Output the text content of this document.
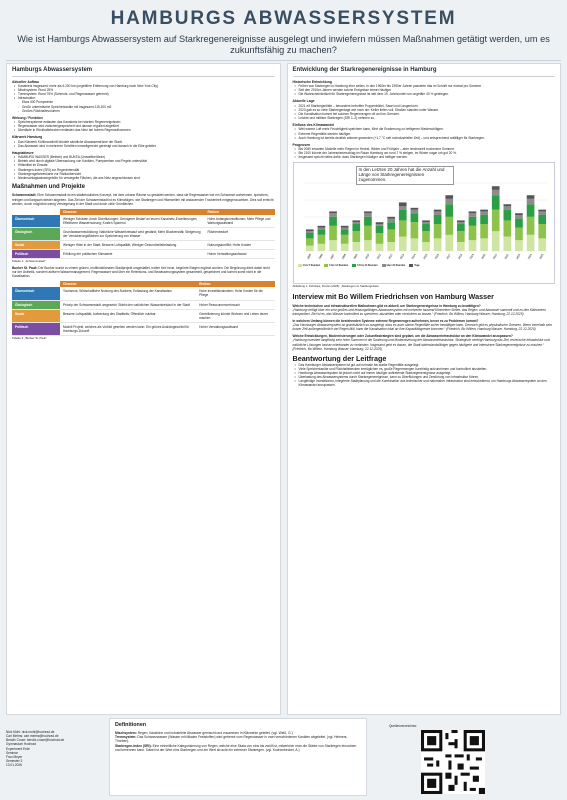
HAMBURGS ABWASSERSYSTEM
Wie ist Hamburgs Abwassersystem auf Starkregenereignisse ausgelegt und inwiefern müssen Maßnahmen getätigt werden, um es zukunftsfähig zu machen?
Hamburgs Abwassersystem
Aktueller Aufbau
• Kanalnetz insgesamt: mehr als 6.200 km (ungefähre Entfernung von Hamburg nach New York City)
• Mischsystem: Rund 25%
• Trennsystem: Rund 75% (Schmutz- und Regenwasser getrennt)
• Infrastruktur:
- Etwa 400 Pumpwerke
- Große unterirdische Speicherkanäle mit insgesamt 215.200 m3
- Großes Rückhaltevolumen
Wirkung / Funktion
• Speichersysteme entlasten das Kanalnetz bei starken Regenereignissen
• Regenwasser wird zwischengespeichert und danach reguliert abgeführt
• Überläufe in Rückhaltebecken entlasten das Netz bei hohem Regenaufkommen
Klärwerk Hamburg
• Das Klärwerk Köhlbrandhöft bündelt sämtliche Abwasserströme der Stadt.
• Das Abwasser wird in mehreren Schritten umweltgerecht gereinigt und danach in die Elbe geleitet.
Hauptakteure
• HAMBURG WASSER (Betrieb) und BUKEA (Umweltbehörde)
• Betrieb wird durch digitale Überwachung von Kanälen, Pumpwerken und Pegeln unterstützt
• Hilfsmittel im Einsatz:
• Starkregen-Index (SRI) zur Regenintensität
• Starkregengefahrenkarte zur Risikoübersicht
• Niederschlagswassergebühr für versiegelte Flächen, die ans Netz angeschlossen sind
Maßnahmen und Projekte
Schwammstadt: Eine Schwammstadt ist ein städtebauliches Konzept, bei dem urbane Räume so gestaltet werden, dass sie Regenwasser wie ein Schwamm aufnehmen, speichern, reinigen und langsam wieder abgeben. Das Ziel der Schwammstadt ist es Klimafolgen, wie Starkregen und Hitzewellen mit andauernder Trockenheit entgegenzuwirken. Dies soll erreicht werden, durch möglichst wenig Versiegelung in der Stadt und durch viele Grünflächen.
	Chancen	Risiken
Ökonomisch	Weniger Schäden durch Überflutungen; Geringerer Bedarf an teuren Kanalnetz-Erweiterungen; Effektivere Wassernutzung; Kosten Sparend	Hohe Anfangsinvestitionen; Mehr Pflege und Wartungsaufwand
Ökologisch	Grundwasserneubildung; Natürliche Wasserkreislauf wird gestärkt; Mehr Biodiversität; Steigerung der Versickerungsflächen zur Speicherung von Wasser	Flächenbedarf
Sozial	Weniger Hitze in der Stadt; Bessere Luftqualität; Weniger Gesundheitsbelastung	Nutzungskonflikt; Hohe Kosten
Politisch	Erfüllung der politischen Klimaziele	Hoher Verwaltungsaufwand
Tabelle 1: „Schwammstadt“
Bunker St. Pauli: Der Bunker wurde zu einem grünen, multifunktionalen Stadtprojekt umgestaltet, indem fünf neue, begrünte Etagen ergänzt wurden. Die Begrünung dient dabei nicht nur der Ästhetik, sondern aktivem Wassermanagement. Regenwasser wird über ein Retentions- und Bewässerungssystem gesammelt, gespeichert und kommt somit nicht in die Kanalisation.
	Chancen	Risiken
Ökonomisch	Tourismus; Wirtschaftliche Nutzung des Bunkers; Entlastung der Kanalisation	Hohe Investitionskosten; Hohe Kosten für die Pflege
Ökologisch	Prinzip der Schwammstadt umgesetzt; Stärkt den natürlichen Wasserkreislauf in der Stadt	Hoher Ressourcenverbrauch
Sozial	Bessere Luftqualität; Aufwertung des Stadtteils; Öffentlich nutzbar	Gentrifizierung könnte Wohnen und Leben teurer machen
Politisch	Modell Projekt, welches als Vorbild gesehen werden kann: Ein grünes Aushängeschild für Hamburgs Zukunft	Hoher Verwaltungsaufwand
Tabelle 2: „Bunker St. Pauli“
Entwicklung der Starkregenereignisse in Hamburg
Historische Entwicklung
• Früher war Starkregen in Hamburg eher selten. In den 1960er bis 1990er Jahren passierte das im Schnitt nur einmal pro Sommer
• Seit den 2010er-Jahren werden solche Ereignisse immer häufiger
• Die Wahrscheinlichkeit für Starkregenereignisse ist seit dem 19. Jahrhundert um ungefähr 40 % gestiegen.
Aktuelle Lage
• 2021 elf Starkregenfälle – besonders betroffen Poppenbüttel, Sasel und Langenhorn.
• 2023 gab es so viele Starkregentage wie noch nie: Keller liefen voll, Straßen standen unter Wasser.
• Die Kanalisation kommt bei solchen Regenmengen oft an ihre Grenzen.
• Leichte und mittlere Starkregen (SRI 1–2) nehmen zu.
Einfluss des Klimawandel
• Weil warme Luft mehr Feuchtigkeit speichern kann, führt die Erwärmung zu heftigeren Niederschlägen.
• Extreme Regenfälle werden häufiger.
• Auch Hamburg ist bereits deutlich wärmer geworden (+1,7 °C seit vorindustrieller Zeit) – und entsprechend anfälliger für Starkregen.
Prognosen
• Bis 2050 erwarten Modelle mehr Regen im Herbst, Winter und Frühjahr – aber tendenziell trockenere Sommer.
• Bis 2100 könnte der Jahresniederschlag im Raum Hamburg um rund 7 % steigen, im Winter sogar um gut 20 %.
• Insgesamt spricht vieles dafür, dass Starkregen häufiger und heftiger werden.
In den Letzten 20 Jahren hat die Anzahl und Länge von Starkregenereignissen zugenommen.
2005	2006	2007	2008	2009	2010	2011	2012	2013	2014	2015	2016	2017	2018	2019	2020	2021	2022	2023	2024	2025
1 bis 5 Stunden	6 bis 12 Stunden	13 bis 24 Stunden	über 24 Stunden	Tage
Abbildung 1: Kuhnkies, Florian (2025): „Starkregen im Stadtungebiete
Interview mit Bo Willem Friedrichsen von Hamburg Wasser
Welche technischen und infrastrukturellen Maßnahmen gibt es aktuell, um Starkregenereignisse in Hamburg zu bewältigen?
„Hamburg verfügt über ein sehr großes und leistungsfähiges Abwassersystem mit mehreren tausend Kilometern Sielen, das Regen- und Abwasser sammelt und zu den Klärwerken transportiert. Ziel ist es, das Wasser kontrolliert zu speichern, abzuleiten oder versickern zu lassen.“ (Friedrich, Bo Willem, Hamburg Wasser, Hamburg, 22.12.2025)
In welchem Umfang können die bestehenden Systeme extreme Regenmengen aufnehmen, bevor es zu Problemen kommt?
„Das Hamburger Abwassersystem ist grundsätzlich so ausgelegt, dass es auch starke Regenfälle sicher bewältigen kann. Dennoch gibt es physikalische Grenzen. Wenn innerhalb sehr kurzer Zeit außergewöhnlich viel Regen fällt, kann die Kanalisation lokal an ihre Kapazitätsgrenze kommen.“ (Friedrich, Bo Willem, Hamburg Wasser, Hamburg, 22.12.2025)
Welche Entwicklungen, Modernisierungen oder Zukunftsstrategien sind geplant, um die Abwasserinfrastruktur an den Klimawandel anzupassen?
„Hamburg investiert langfristig sehr hohe Summen in die Sanierung und Modernisierung der Abwasserinfrastruktur. Strategisch verfolgt Hamburg das Ziel, technische Infrastruktur und natürliche Lösungen besser miteinander zu verbinden. Insgesamt geht es darum, die Stadt widerstandsfähiger gegen häufigere und intensivere Starkregenereignisse zu machen.“ (Friedrich, Bo Willem, Hamburg Wasser, Hamburg, 22.12.2025)
Beantwortung der Leitfrage
• Das Hamburger Abwassersystem ist gut auf normale bis starke Regenfälle ausgelegt.
• Viele Speicherkanäle und Rückhaltebecken ermöglichen es, große Regenmengen kurzfristig aufzunehmen und kontrolliert abzuleiten.
• Hamburgs Abwassersystem ist jedoch nicht auf immer häufiger auftretende Starkregenereignisse ausgelegt.
• Überlastung des Abwassersystems durch Starkregenereignisse, kann zu Überflutungen und Zerstörung von Infrastruktur führen.
• Langfristige Investitionen, integrierte Stadtplanung und die Kombination aus technischer und naturnaher Infrastruktur sind entscheidend, um Hamburgs Abwassersystem an den Klimawandel anzupassen.
Nick Mohl: nick.mohl@hochrad.de
Carl Melms: carl.melms@hochrad.de
Bendix Cruse: bendix.cruse@hochrad.de
Gymnasium Hochrad
Experiment Erde
Seminar
Frau Meyer
Semester 3
13.01.2026
Definitionen
Mischsystem: Regen, häusliche und industrielle Abwasser gemischt und zusammen in Klärwerke geleitet. (vgl. Weiß, G.)
Trennsystem: Das Schwarzwasser (Wasser mit fäkalen Feststoffen) wird getrennt vom Regenwasser in zwei verschiedenen Kanälen abgeleitet. (vgl. Helmers, Thorben)
Starkregen-Index (SRI): Eine einheitliche Kategorisierung von Regen, welche eine Skala von eins bis zwölf ist, mitwelcher man die Stärke von Starkregen einordnen und benennen kann. Dabei ist der Wert eins Starkregen und ein Wert ab acht ein extremer Starkregen. (vgl. Kuchenbecker, A.)
Quellenverzeichnis:
